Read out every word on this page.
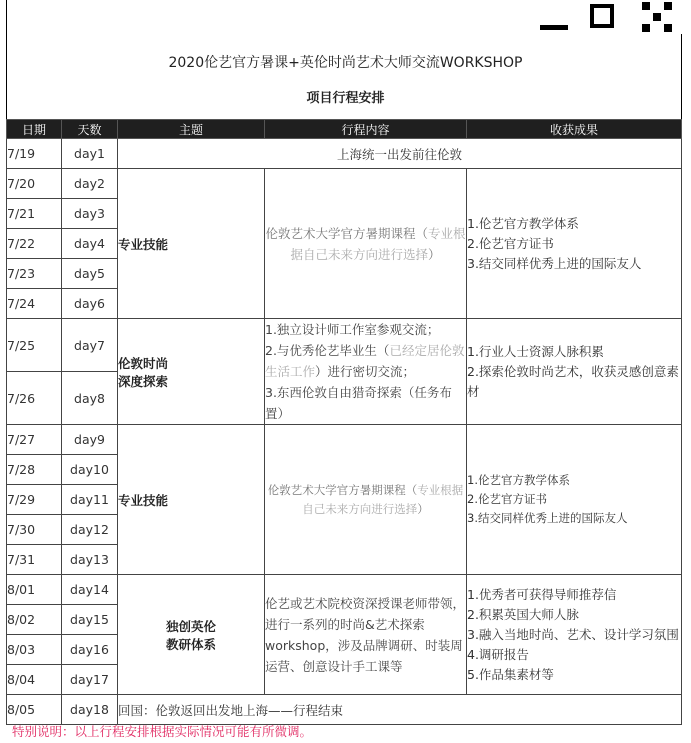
2020伦艺官方暑课+英伦时尚艺术大师交流WORKSHOP
项目行程安排
日期	天数	主题	行程内容	收获成果
7/19	day1	上海统一出发前往伦敦		
7/20	day2	专业技能	伦敦艺术大学官方暑期课程（专业根据自己未来方向进行选择）	1.伦艺官方教学体系
2.伦艺官方证书
3.结交同样优秀上进的国际友人

7/21	day3			
7/22	day4			
7/23	day5			
7/24	day6			
7/25	day7	伦敦时尚
深度探索	1.独立设计师工作室参观交流；
2.与优秀伦艺毕业生（已经定居伦敦生活工作）进行密切交流；
3.东西伦敦自由猎奇探索（任务布置）	1.行业人士资源人脉积累
2.探索伦敦时尚艺术，收获灵感创意素材

7/26	day8			
7/27	day9	专业技能	伦敦艺术大学官方暑期课程（专业根据自己未来方向进行选择）	1.伦艺官方教学体系
2.伦艺官方证书
3.结交同样优秀上进的国际友人

7/28	day10			
7/29	day11			
7/30	day12			
7/31	day13			
8/01	day14	独创英伦
教研体系	伦艺或艺术院校资深授课老师带领，进行一系列的时尚&艺术探索workshop，涉及品牌调研、时装周运营、创意设计手工课等	1.优秀者可获得导师推荐信
2.积累英国大师人脉
3.融入当地时尚、艺术、设计学习氛围
4.调研报告
5.作品集素材等

8/02	day15			
8/03	day16			
8/04	day17			
8/05	day18	回国：伦敦返回出发地上海——行程结束		
特别说明：以上行程安排根据实际情况可能有所微调。
